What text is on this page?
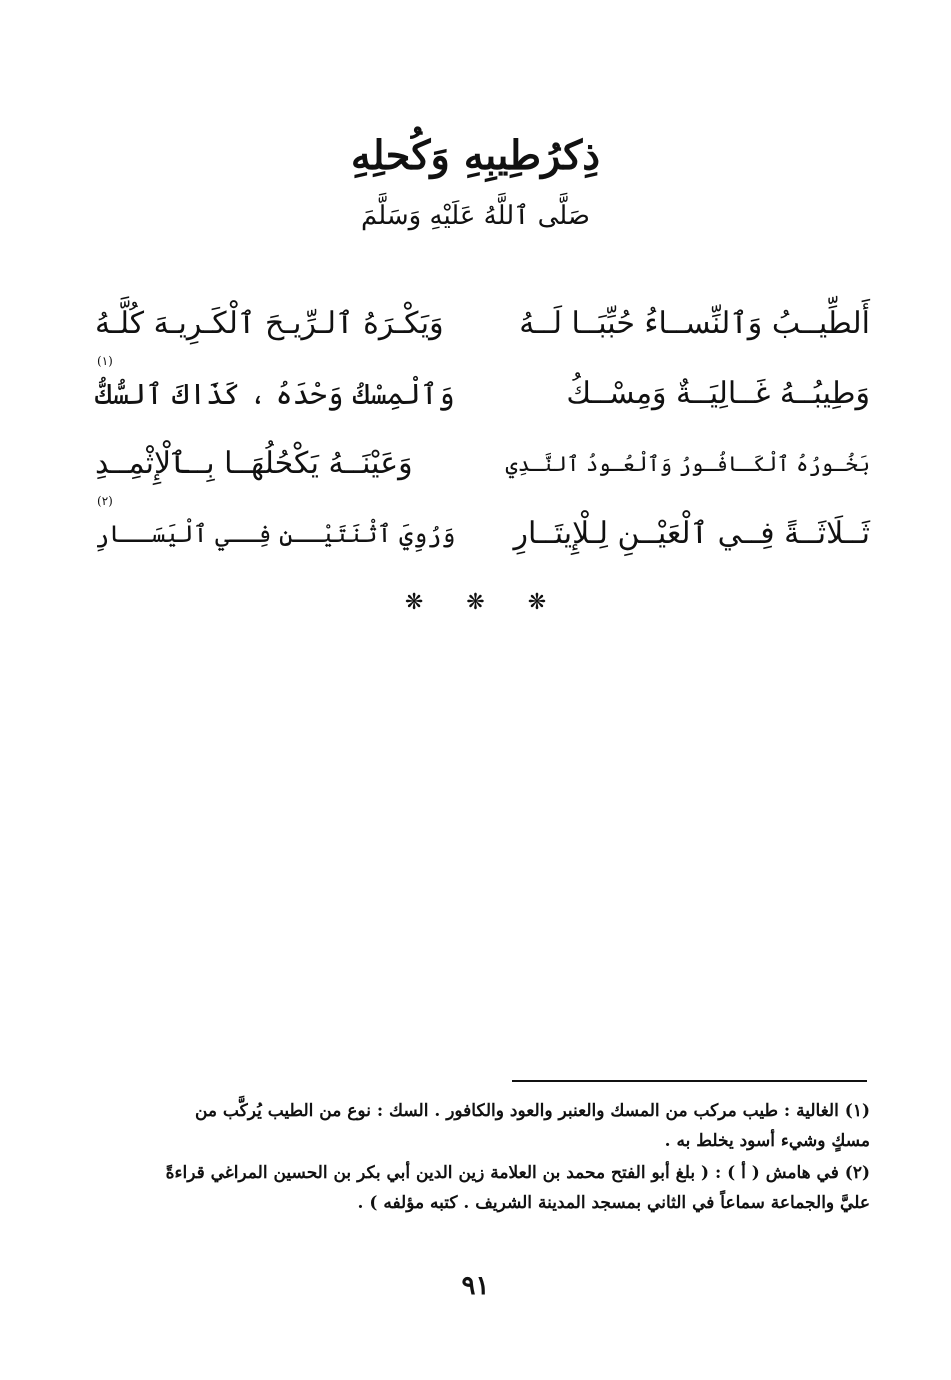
ذِكرُطِيبِهِ وَكُحلِهِ
صَلَّى ٱللَّهُ عَلَيْهِ وَسَلَّمَ
أَلطِّيــبُ وَٱلنِّســاءُ حُبِّبَــا لَــهُ
وَيَكْـرَهُ ٱلـرِّيـحَ ٱلْكَـرِيـهَ كُلَّـهُ
وَطِيبُــهُ غَــالِيَــةٌ وَمِسْــكُ
وَٱلْمِسْكُ وَحْدَهُ ، كَذَاكَ ٱلسُّكُّ
(١)
بَخُـورُهُ ٱلْكَـافُـورُ وَٱلْعُـودُ ٱلنَّـدِي
وَعَيْنَــهُ يَكْحُلُهَــا بِــٱلْإِثْمِــدِ
ثَــلَاثَــةً فِــي ٱلْعَيْــنِ لِـلْإِيتَــارِ
وَرُوِيَ ٱثْنَتَيْــنِ فِــي ٱلْيَسَــارِ
(٢)
❋ ❋ ❋
(١) الغالية : طيب مركب من المسك والعنبر والعود والكافور . السك : نوع من الطيب يُركَّب من
مسكٍ وشيء أسود يخلط به .
(٢) في هامش ( أ ) : ( بلغ أبو الفتح محمد بن العلامة زين الدين أبي بكر بن الحسين المراغي قراءةً
عليَّ والجماعة سماعاً في الثاني بمسجد المدينة الشريف . كتبه مؤلفه ) .
٩١
